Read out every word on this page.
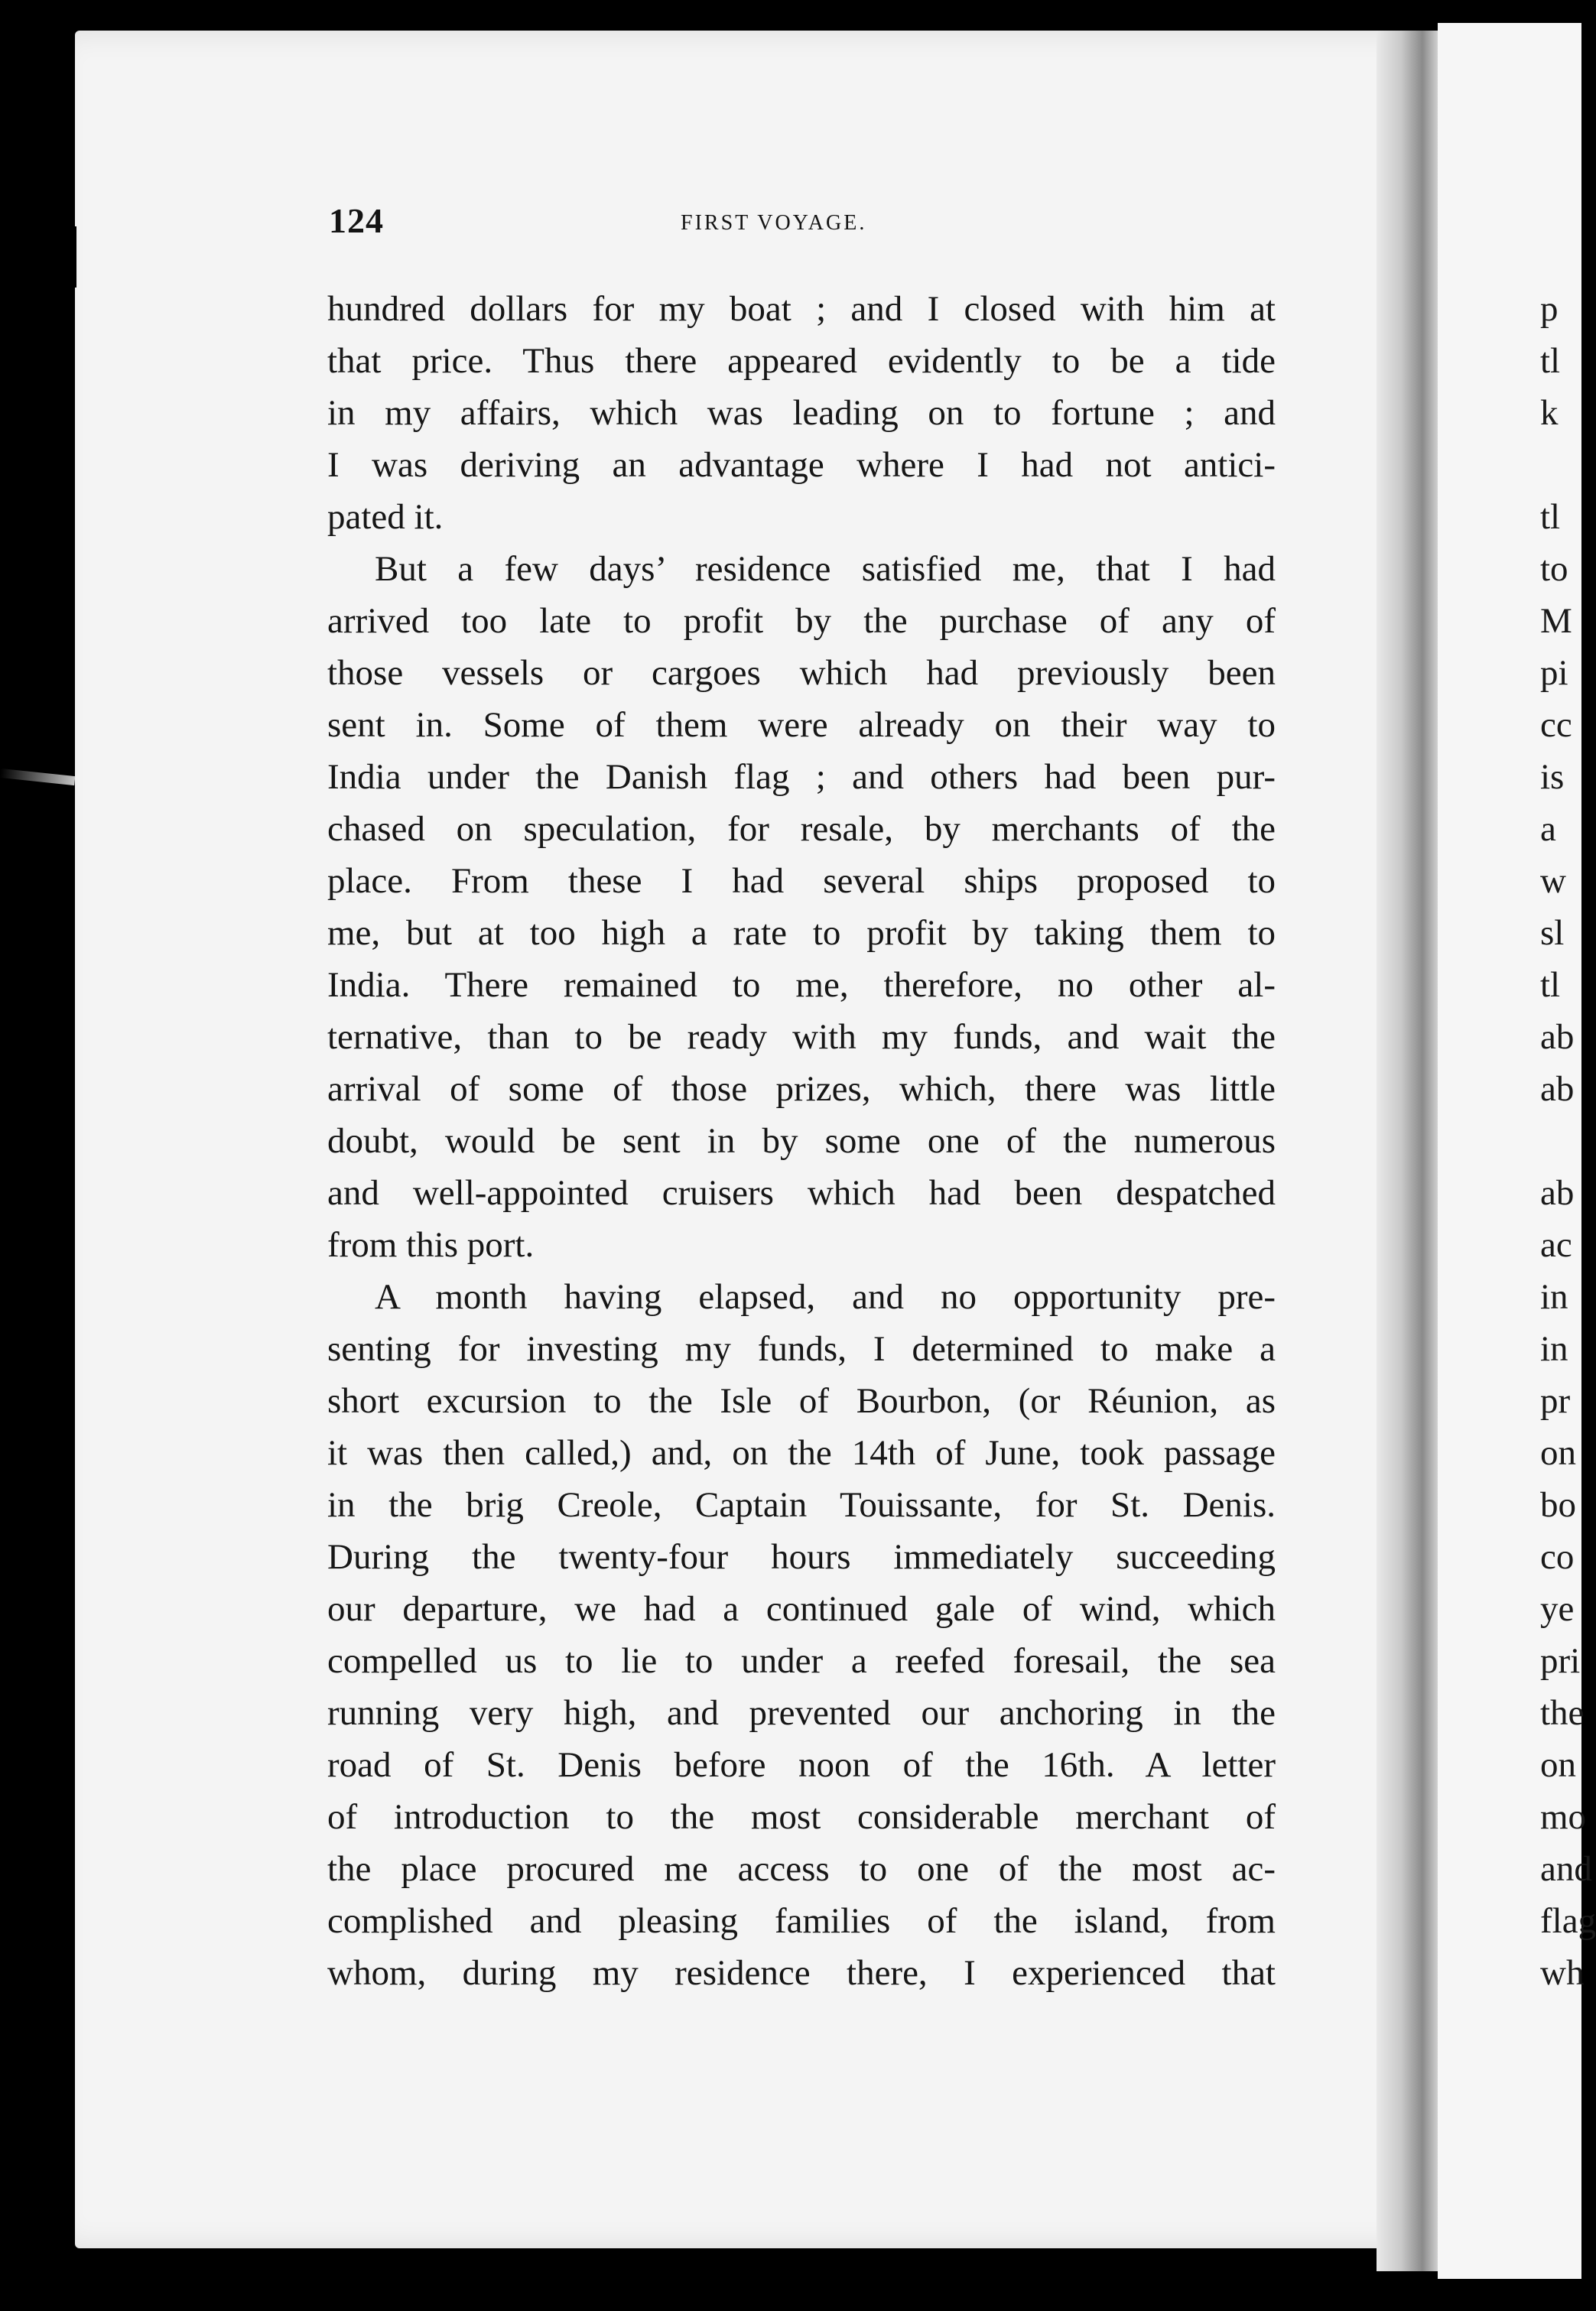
124	FIRST VOYAGE.
hundred dollars for my boat ; and I closed with him at
that price. Thus there appeared evidently to be a tide
in my affairs, which was leading on to fortune ; and
I was deriving an advantage where I had not antici-
pated it.
But a few days’ residence satisfied me, that I had
arrived too late to profit by the purchase of any of
those vessels or cargoes which had previously been
sent in. Some of them were already on their way to
India under the Danish flag ; and others had been pur-
chased on speculation, for resale, by merchants of the
place. From these I had several ships proposed to
me, but at too high a rate to profit by taking them to
India. There remained to me, therefore, no other al-
ternative, than to be ready with my funds, and wait the
arrival of some of those prizes, which, there was little
doubt, would be sent in by some one of the numerous
and well-appointed cruisers which had been despatched
from this port.
A month having elapsed, and no opportunity pre-
senting for investing my funds, I determined to make a
short excursion to the Isle of Bourbon, (or Réunion, as
it was then called,) and, on the 14th of June, took passage
in the brig Creole, Captain Touissante, for St. Denis.
During the twenty-four hours immediately succeeding
our departure, we had a continued gale of wind, which
compelled us to lie to under a reefed foresail, the sea
running very high, and prevented our anchoring in the
road of St. Denis before noon of the 16th. A letter
of introduction to the most considerable merchant of
the place procured me access to one of the most ac-
complished and pleasing families of the island, from
whom, during my residence there, I experienced that
p
tl
k
tl
to
M
pi
cc
is
a
w
sl
tl
ab
ab
ab
ac
in
in
pr
on
bo
co
ye
pri
the
on
mo
and
flag
wh
